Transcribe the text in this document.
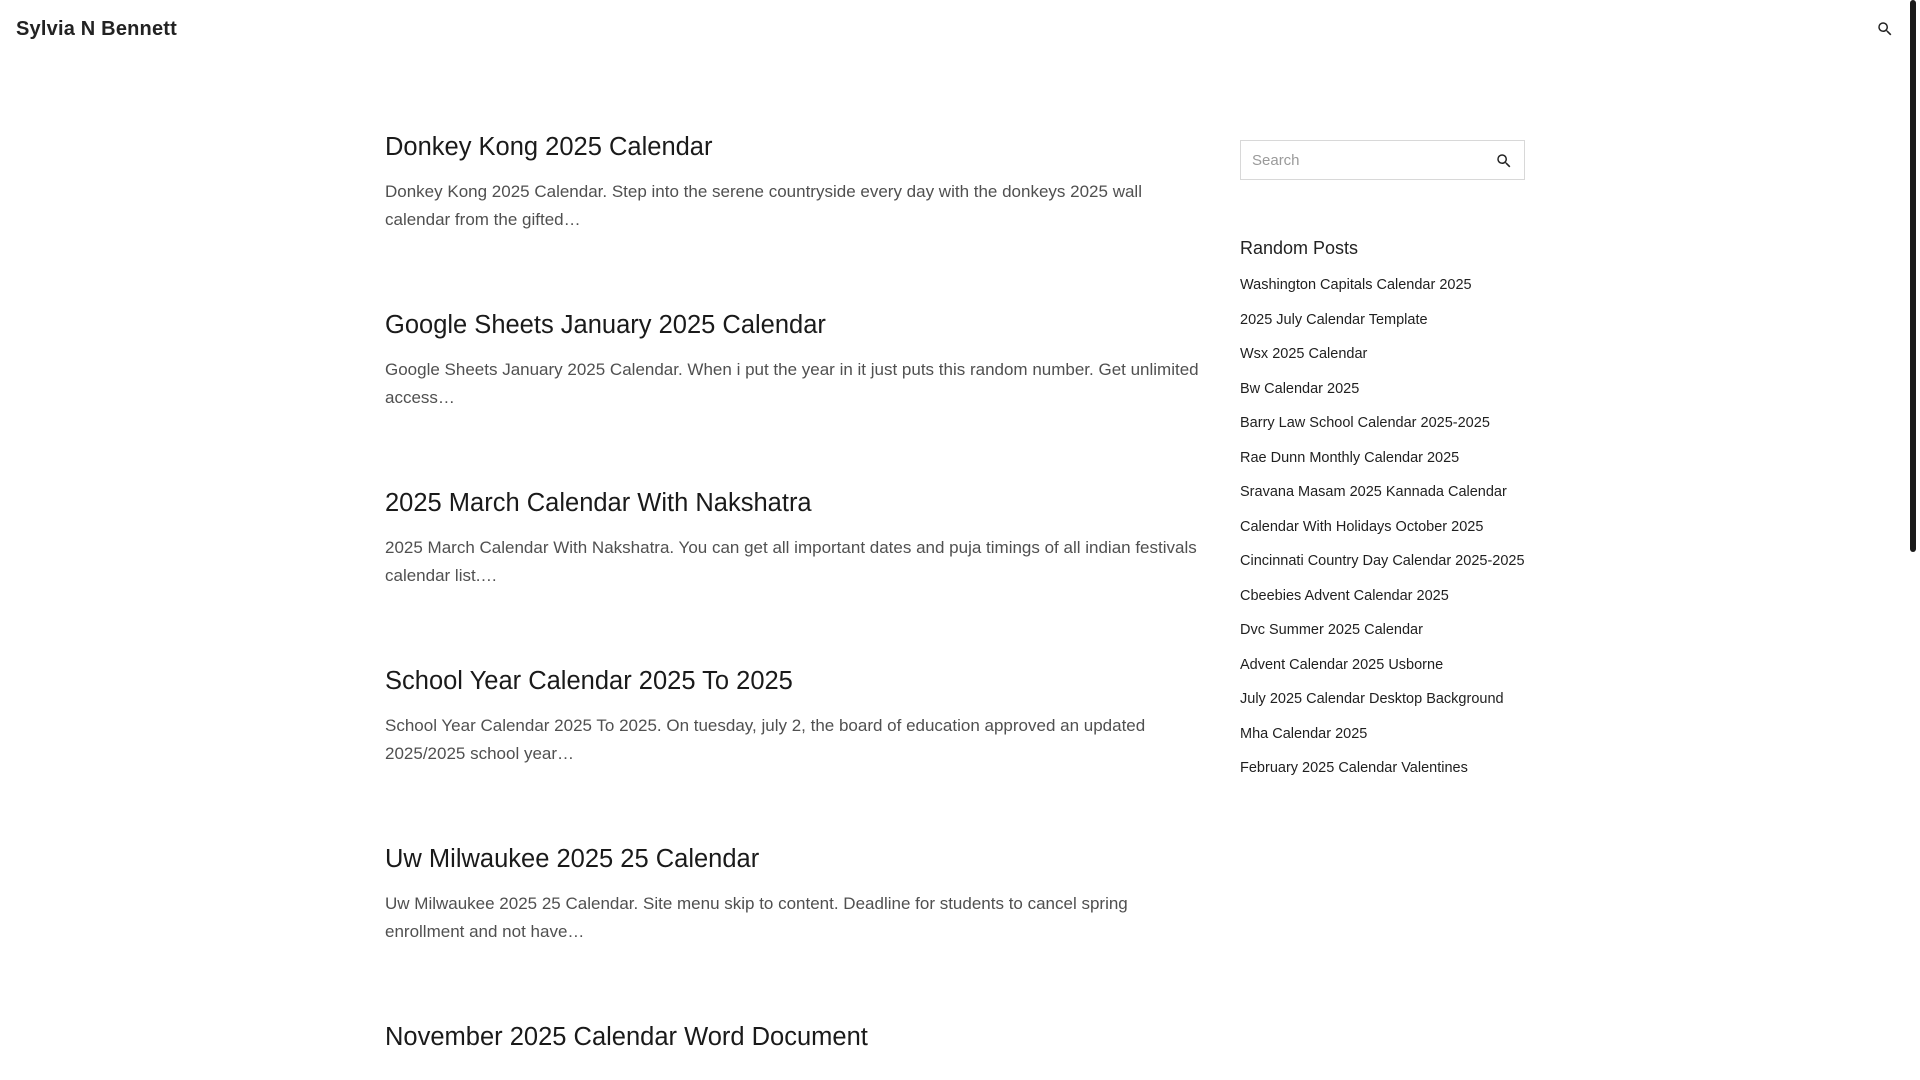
Sylvia N Bennett
Donkey Kong 2025 Calendar

Donkey Kong 2025 Calendar. Step into the serene countryside every day with the donkeys 2025 wall calendar from the gifted…

Google Sheets January 2025 Calendar

Google Sheets January 2025 Calendar. When i put the year in it just puts this random number. Get unlimited access…

2025 March Calendar With Nakshatra

2025 March Calendar With Nakshatra. You can get all important dates and puja timings of all indian festivals calendar list.…

School Year Calendar 2025 To 2025

School Year Calendar 2025 To 2025. On tuesday, july 2, the board of education approved an updated 2025/2025 school year…

Uw Milwaukee 2025 25 Calendar

Uw Milwaukee 2025 25 Calendar. Site menu skip to content. Deadline for students to cancel spring enrollment and not have…

November 2025 Calendar Word Document
Search
Random Posts
Washington Capitals Calendar 2025
2025 July Calendar Template
Wsx 2025 Calendar
Bw Calendar 2025
Barry Law School Calendar 2025-2025
Rae Dunn Monthly Calendar 2025
Sravana Masam 2025 Kannada Calendar
Calendar With Holidays October 2025
Cincinnati Country Day Calendar 2025-2025
Cbeebies Advent Calendar 2025
Dvc Summer 2025 Calendar
Advent Calendar 2025 Usborne
July 2025 Calendar Desktop Background
Mha Calendar 2025
February 2025 Calendar Valentines
